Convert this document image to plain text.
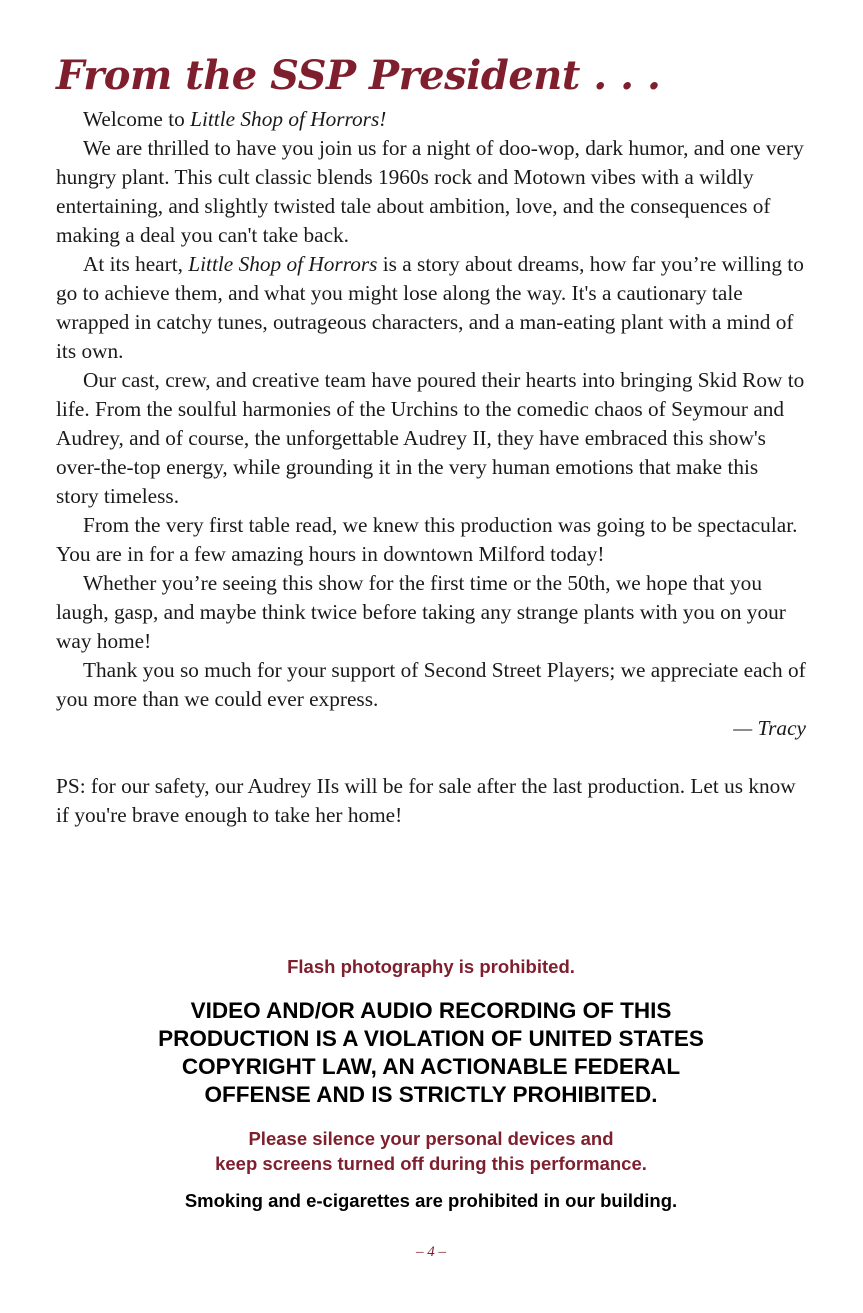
From the SSP President . . .

Welcome to Little Shop of Horrors!

We are thrilled to have you join us for a night of doo-wop, dark humor, and one very hungry plant. This cult classic blends 1960s rock and Motown vibes with a wildly entertaining, and slightly twisted tale about ambition, love, and the consequences of making a deal you can't take back.

At its heart, Little Shop of Horrors is a story about dreams, how far you’re willing to go to achieve them, and what you might lose along the way. It's a cautionary tale wrapped in catchy tunes, outrageous characters, and a man-eating plant with a mind of its own.

Our cast, crew, and creative team have poured their hearts into bringing Skid Row to life. From the soulful harmonies of the Urchins to the comedic chaos of Seymour and Audrey, and of course, the unforgettable Audrey II, they have embraced this show's over-the-top energy, while grounding it in the very human emotions that make this story timeless.

From the very first table read, we knew this production was going to be spectacular. You are in for a few amazing hours in downtown Milford today!

Whether you’re seeing this show for the first time or the 50th, we hope that you laugh, gasp, and maybe think twice before taking any strange plants with you on your way home!

Thank you so much for your support of Second Street Players; we appreciate each of you more than we could ever express.

— Tracy

PS: for our safety, our Audrey IIs will be for sale after the last production. Let us know if you're brave enough to take her home!

Flash photography is prohibited.

VIDEO AND/OR AUDIO RECORDING OF THIS
PRODUCTION IS A VIOLATION OF UNITED STATES
COPYRIGHT LAW, AN ACTIONABLE FEDERAL
OFFENSE AND IS STRICTLY PROHIBITED.

Please silence your personal devices and
keep screens turned off during this performance.

Smoking and e-cigarettes are prohibited in our building.

– 4 –
